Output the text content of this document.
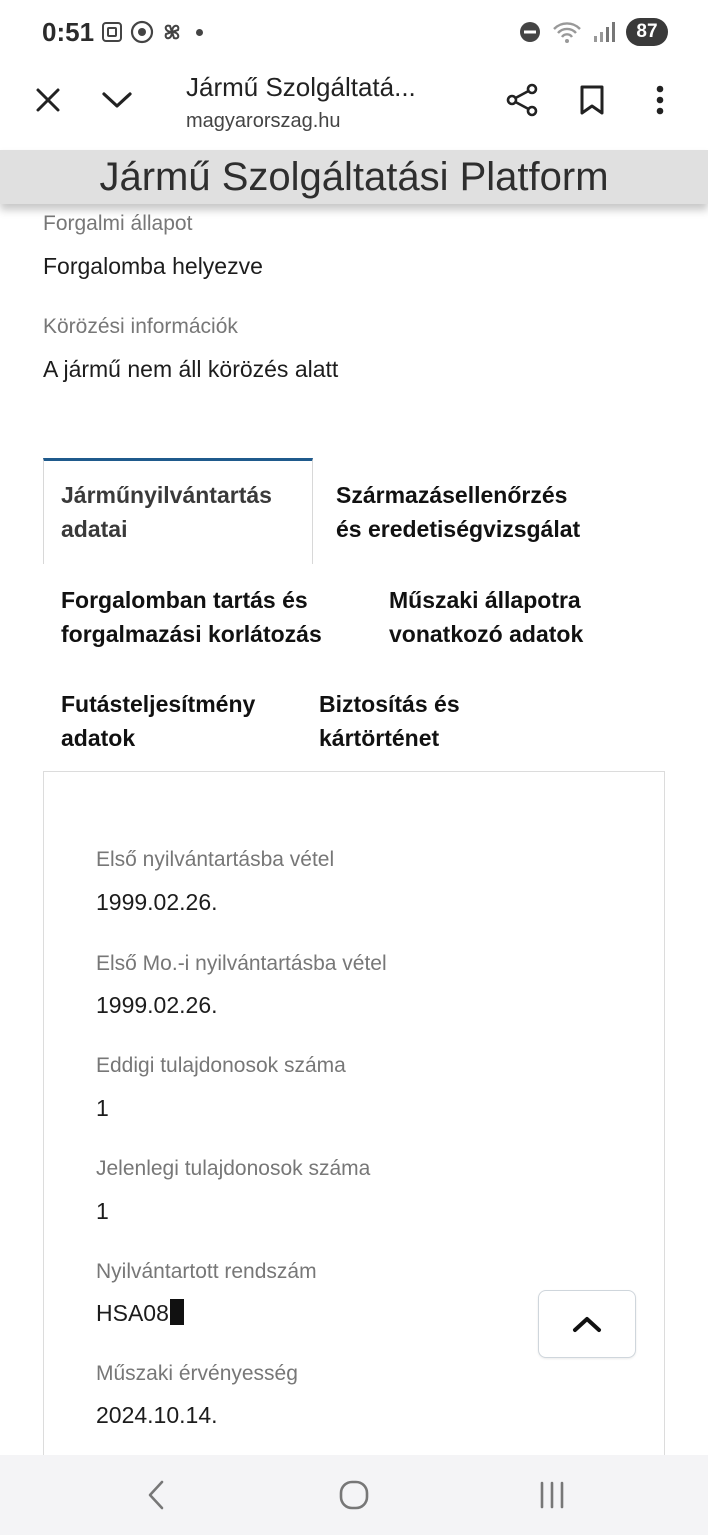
0:51	87
Jármű Szolgáltatá...
magyarorszag.hu
Jármű Szolgáltatási Platform
Forgalmi állapot
Forgalomba helyezve
Körözési információk
A jármű nem áll körözés alatt
Járműnyilvántartás
adatai
Származásellenőrzés
és eredetiségvizsgálat
Forgalomban tartás és
forgalmazási korlátozás
Műszaki állapotra
vonatkozó adatok
Futásteljesítmény
adatok
Biztosítás és
kártörténet
Első nyilvántartásba vétel
1999.02.26.
Első Mo.-i nyilvántartásba vétel
1999.02.26.
Eddigi tulajdonosok száma
1
Jelenlegi tulajdonosok száma
1
Nyilvántartott rendszám
HSA08
Műszaki érvényesség
2024.10.14.
